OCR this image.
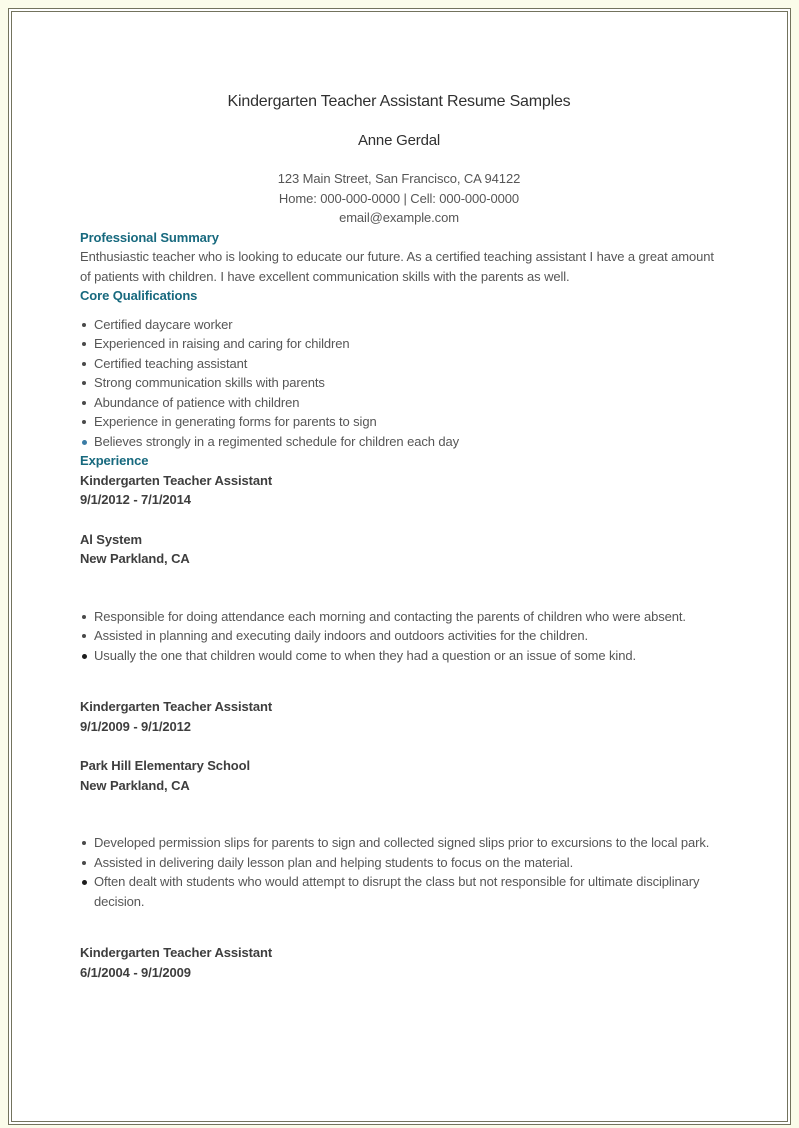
Kindergarten Teacher Assistant Resume Samples
Anne Gerdal
123 Main Street, San Francisco, CA 94122
Home: 000-000-0000 | Cell: 000-000-0000
email@example.com
Professional Summary

Enthusiastic teacher who is looking to educate our future. As a certified teaching assistant I have a great amount of patients with children. I have excellent communication skills with the parents as well.

Core Qualifications
Certified daycare worker
Experienced in raising and caring for children
Certified teaching assistant
Strong communication skills with parents
Abundance of patience with children
Experience in generating forms for parents to sign
Believes strongly in a regimented schedule for children each day
Experience

Kindergarten Teacher Assistant

9/1/2012 - 7/1/2014

Al System

New Parkland, CA

Responsible for doing attendance each morning and contacting the parents of children who were absent.
Assisted in planning and executing daily indoors and outdoors activities for the children.
Usually the one that children would come to when they had a question or an issue of some kind.

Kindergarten Teacher Assistant

9/1/2009 - 9/1/2012

Park Hill Elementary School

New Parkland, CA

Developed permission slips for parents to sign and collected signed slips prior to excursions to the local park.
Assisted in delivering daily lesson plan and helping students to focus on the material.
Often dealt with students who would attempt to disrupt the class but not responsible for ultimate disciplinary decision.

Kindergarten Teacher Assistant

6/1/2004 - 9/1/2009
